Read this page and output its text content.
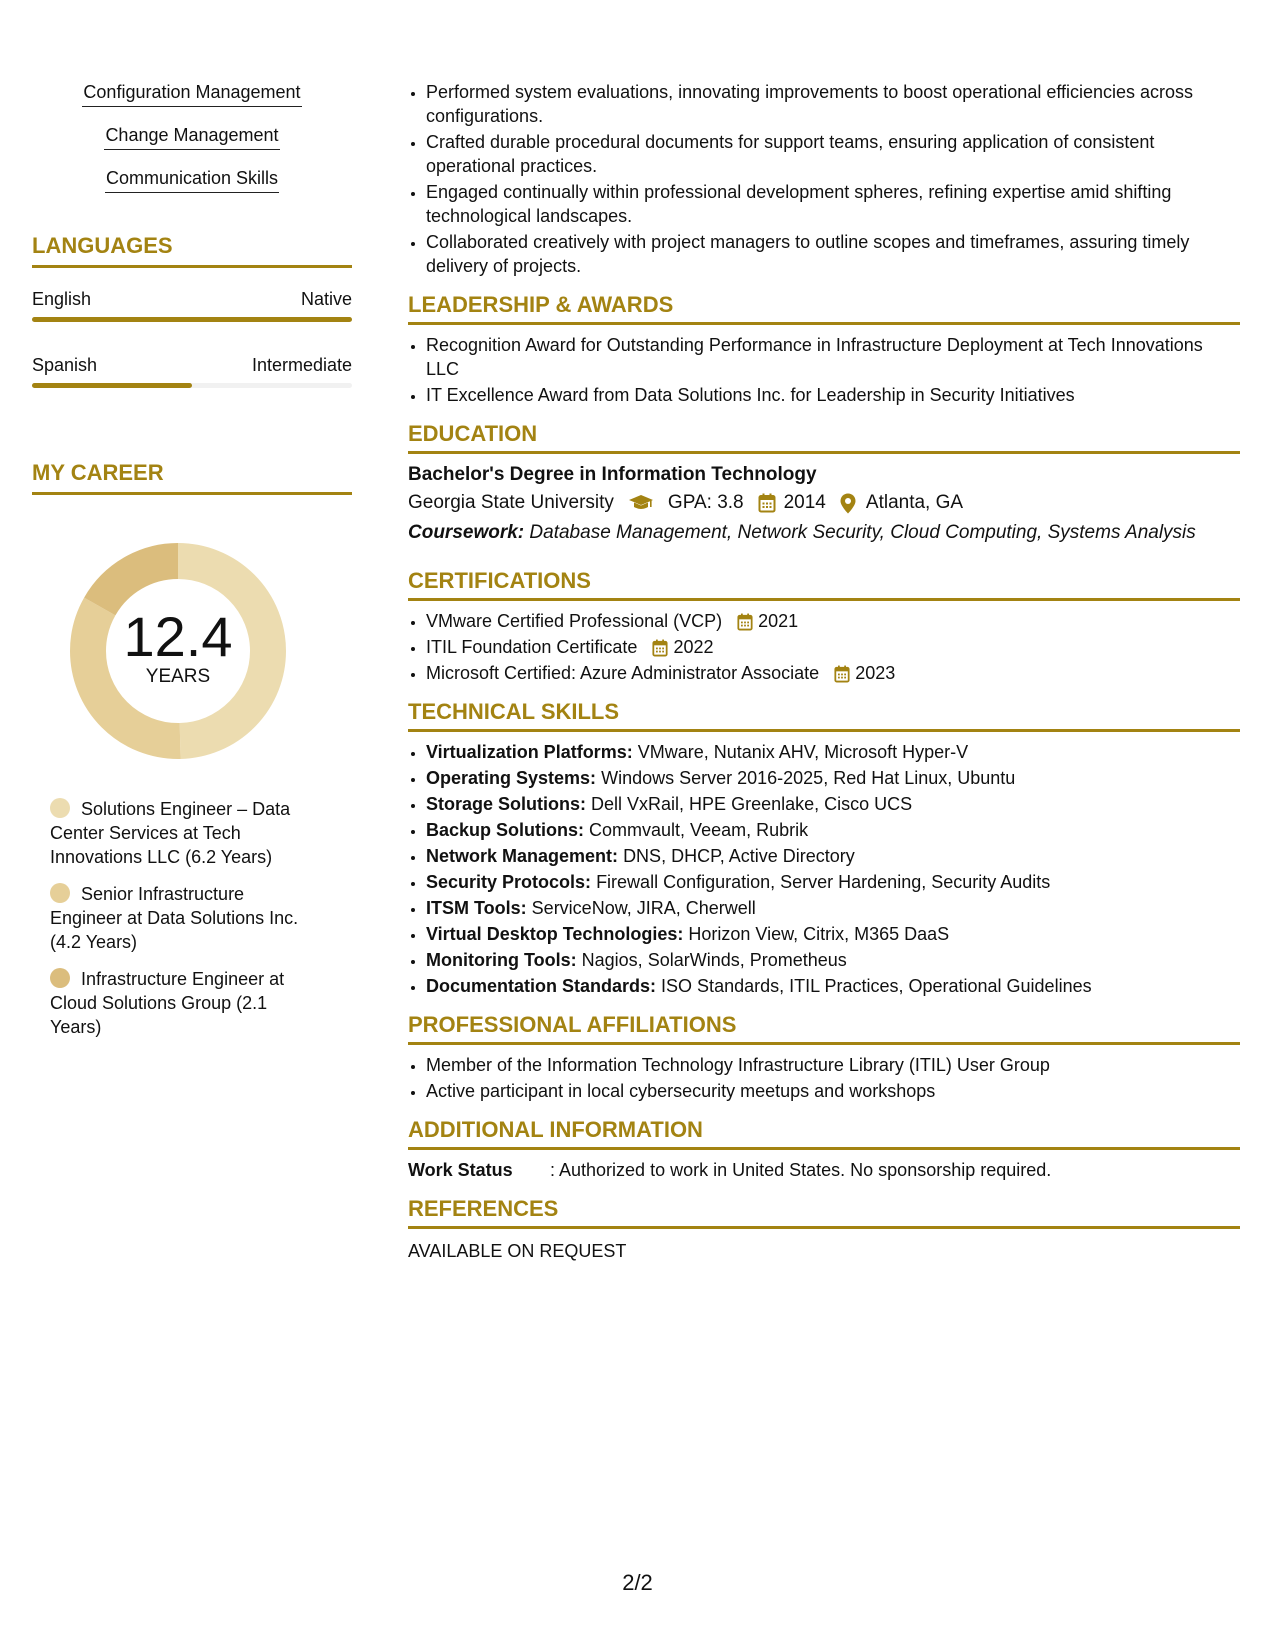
Configuration Management
Change Management
Communication Skills
LANGUAGES
English	Native
Spanish	Intermediate
MY CAREER
12.4
YEARS
Solutions Engineer – Data Center Services at Tech Innovations LLC (6.2 Years)
Senior Infrastructure Engineer at Data Solutions Inc. (4.2 Years)
Infrastructure Engineer at Cloud Solutions Group (2.1 Years)
• Performed system evaluations, innovating improvements to boost operational efficiencies across configurations.
• Crafted durable procedural documents for support teams, ensuring application of consistent operational practices.
• Engaged continually within professional development spheres, refining expertise amid shifting technological landscapes.
• Collaborated creatively with project managers to outline scopes and timeframes, assuring timely delivery of projects.
LEADERSHIP & AWARDS
• Recognition Award for Outstanding Performance in Infrastructure Deployment at Tech Innovations LLC
• IT Excellence Award from Data Solutions Inc. for Leadership in Security Initiatives
EDUCATION
Bachelor's Degree in Information Technology
Georgia State University	GPA: 3.8 2014 Atlanta, GA
Coursework: Database Management, Network Security, Cloud Computing, Systems Analysis
CERTIFICATIONS
• VMware Certified Professional (VCP) 2021
• ITIL Foundation Certificate 2022
• Microsoft Certified: Azure Administrator Associate 2023
TECHNICAL SKILLS
• Virtualization Platforms: VMware, Nutanix AHV, Microsoft Hyper-V
• Operating Systems: Windows Server 2016-2025, Red Hat Linux, Ubuntu
• Storage Solutions: Dell VxRail, HPE Greenlake, Cisco UCS
• Backup Solutions: Commvault, Veeam, Rubrik
• Network Management: DNS, DHCP, Active Directory
• Security Protocols: Firewall Configuration, Server Hardening, Security Audits
• ITSM Tools: ServiceNow, JIRA, Cherwell
• Virtual Desktop Technologies: Horizon View, Citrix, M365 DaaS
• Monitoring Tools: Nagios, SolarWinds, Prometheus
• Documentation Standards: ISO Standards, ITIL Practices, Operational Guidelines
PROFESSIONAL AFFILIATIONS
• Member of the Information Technology Infrastructure Library (ITIL) User Group
• Active participant in local cybersecurity meetups and workshops
ADDITIONAL INFORMATION
Work Status	: Authorized to work in United States. No sponsorship required.
REFERENCES
AVAILABLE ON REQUEST
2/2
